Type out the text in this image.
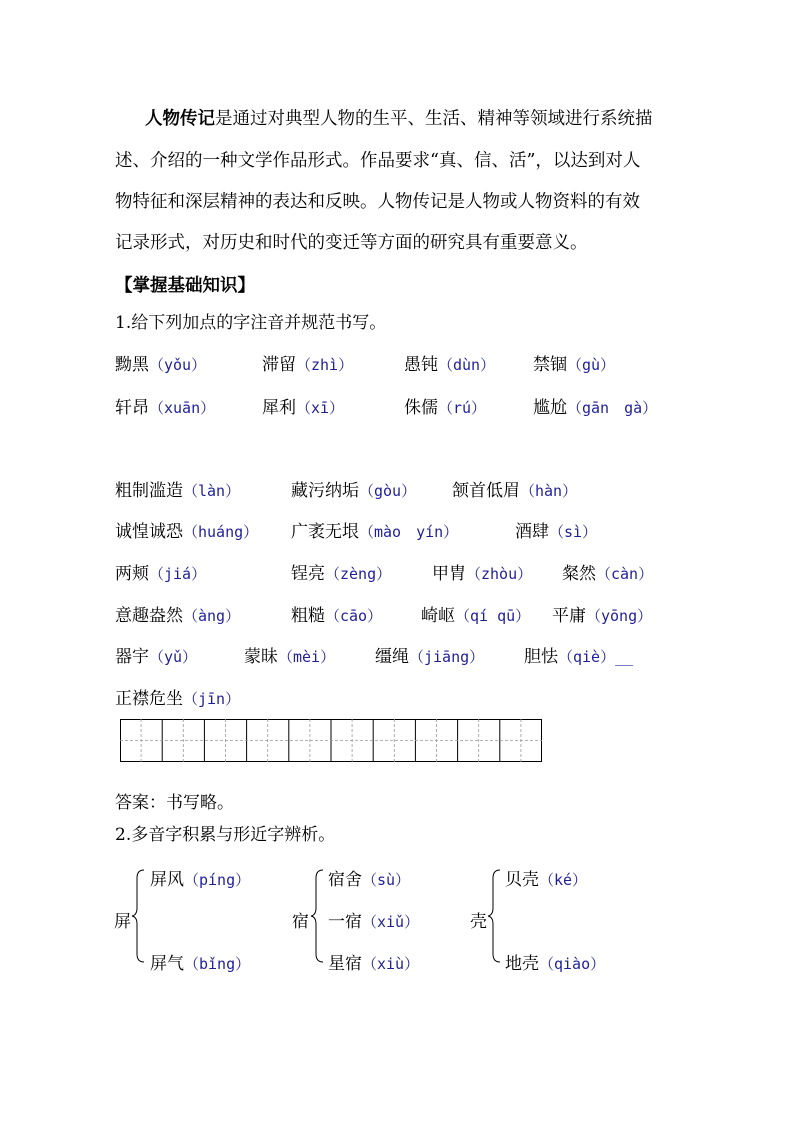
人物传记是通过对典型人物的生平、生活、精神等领域进行系统描
述、介绍的一种文学作品形式。作品要求“真、信、活”，以达到对人
物特征和深层精神的表达和反映。人物传记是人物或人物资料的有效
记录形式，对历史和时代的变迁等方面的研究具有重要意义。
【掌握基础知识】
1.给下列加点的字注音并规范书写。
黝黑（yǒu）	滞留（zhì）	愚钝（dùn） 禁锢（gù）
轩昂（xuān）	犀利（xī）	侏儒（rú）	尴尬（gān　gà）
粗制滥造（làn）	藏污纳垢（gòu） 颔首低眉（hàn）
诚惶诚恐（huáng） 广袤无垠（mào　yín）	酒肆（sì）
两颊（jiá）	锃亮（zèng） 甲胄（zhòu） 粲然（càn）
意趣盎然（àng）	粗糙（cāo） 崎岖（qí qū） 平庸（yōng）
器宇（yǔ）	蒙昧（mèi） 缰绳（jiāng） 胆怯（qiè）__
正襟危坐（jīn）
答案：书写略。
2.多音字积累与形近字辨析。
屏
屏风（píng）
屏气（bǐng）
宿
宿舍（sù）
一宿（xiǔ）
星宿（xiù）
壳
贝壳（ké）
地壳（qiào）
